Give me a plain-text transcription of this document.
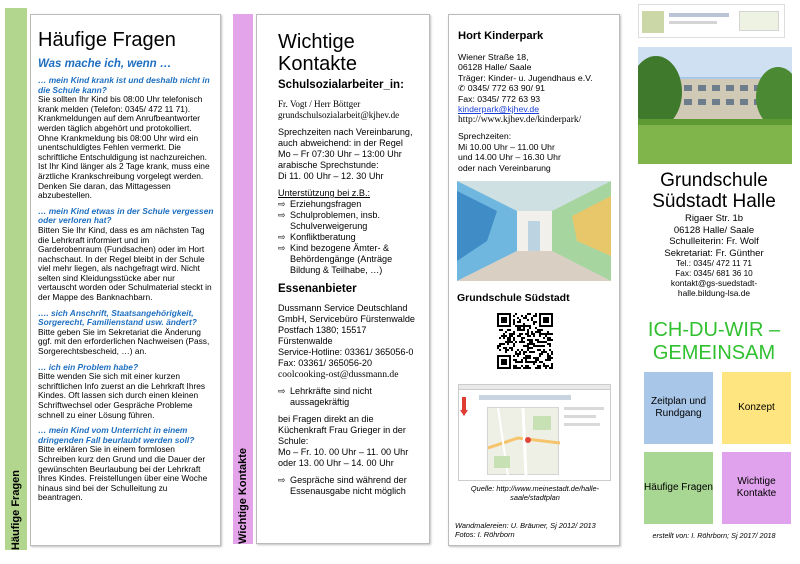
Häufige Fragen	Wichtige Kontakte
Häufige Fragen
Was mache ich, wenn …
… mein Kind krank ist und deshalb nicht in die Schule kann?
Sie sollten Ihr Kind bis 08:00 Uhr telefonisch krank melden (Telefon: 0345/ 472 11 71). Krankmeldungen auf dem Anrufbeantworter werden täglich abgehört und protokolliert. Ohne Krankmeldung bis 08:00 Uhr wird ein unentschuldigtes Fehlen vermerkt. Die schriftliche Entschuldigung ist nachzureichen. Ist Ihr Kind länger als 2 Tage krank, muss eine ärztliche Krankschreibung vorgelegt werden. Denken Sie daran, das Mittagessen abzubestellen.
… mein Kind etwas in der Schule vergessen oder verloren hat?
Bitten Sie Ihr Kind, dass es am nächsten Tag die Lehrkraft informiert und im Garderobenraum (Fundsachen) oder im Hort nachschaut. In der Regel bleibt in der Schule viel mehr liegen, als nachgefragt wird. Nicht selten sind Kleidungsstücke aber nur vertauscht worden oder Schulmaterial steckt in der Mappe des Banknachbarn.
…. sich Anschrift, Staatsangehörigkeit, Sorgerecht, Familienstand usw. ändert?
Bitte geben Sie im Sekretariat die Änderung ggf. mit den erforderlichen Nachweisen (Pass, Sorgerechtsbescheid, …) an.
… ich ein Problem habe?
Bitte wenden Sie sich mit einer kurzen schriftlichen Info zuerst an die Lehrkraft Ihres Kindes. Oft lassen sich durch einen kleinen Schriftwechsel oder Gespräche Probleme schnell zu einer Lösung führen.
… mein Kind vom Unterricht in einem dringenden Fall beurlaubt werden soll?
Bitte erklären Sie in einem formlosen Schreiben kurz den Grund und die Dauer der gewünschten Beurlaubung bei der Lehrkraft Ihres Kindes. Freistellungen über eine Woche hinaus sind bei der Schulleitung zu beantragen.
Wichtige Kontakte
Schulsozialarbeiter_in:

Fr. Vogt / Herr Böttger

grundschulsozialarbeit@kjhev.de

Sprechzeiten nach Vereinbarung,
auch abweichend: in der Regel
Mo – Fr 07:30 Uhr – 13:00 Uhr
arabische Sprechstunde:
Di 11. 00 Uhr – 12. 30 Uhr

Unterstützung bei z.B.:

⇨ Erziehungsfragen
⇨ Schulproblemen, insb. Schulverweigerung
⇨ Konfliktberatung
⇨ Kind bezogene Ämter- & Behördengänge (Anträge Bildung & Teilhabe, …)
Essenanbieter

Dussmann Service Deutschland
GmbH, Servicebüro Fürstenwalde
Postfach 1380; 15517
Fürstenwalde
Service-Hotline: 03361/ 365056-0
Fax: 03361/ 365056-20
coolcooking-ost@dussmann.de

⇨ Lehrkräfte sind nicht aussagekräftig

bei Fragen direkt an die
Küchenkraft Frau Grieger in der
Schule:
Mo – Fr. 10. 00 Uhr – 11. 00 Uhr
oder 13. 00 Uhr – 14. 00 Uhr

⇨ Gespräche sind während der Essenausgabe nicht möglich
Hort Kinderpark
Wiener Straße 18,
06128 Halle/ Saale
Träger: Kinder- u. Jugendhaus e.V.
✆ 0345/ 772 63 90/ 91
Fax: 0345/ 772 63 93
kinderpark@kjhev.de
http://www.kjhev.de/kinderpark/
Sprechzeiten:
Mi 10.00 Uhr – 11.00 Uhr
und 14.00 Uhr – 16.30 Uhr
oder nach Vereinbarung
Grundschule Südstadt
Quelle: http://www.meinestadt.de/halle-
saale/stadtplan
Wandmalereien: U. Bräuner, Sj 2012/ 2013
Fotos: I. Röhrborn
Grundschule
Südstadt Halle
Rigaer Str. 1b
06128 Halle/ Saale
Schulleiterin: Fr. Wolf
Sekretariat: Fr. Günther
Tel.: 0345/ 472 11 71
Fax: 0345/ 681 36 10
kontakt@gs-suedstadt-
halle.bildung-lsa.de
ICH-DU-WIR –
GEMEINSAM
Zeitplan und Rundgang
Konzept
Häufige Fragen
Wichtige Kontakte
erstellt von: I. Röhrborn; Sj 2017/ 2018
